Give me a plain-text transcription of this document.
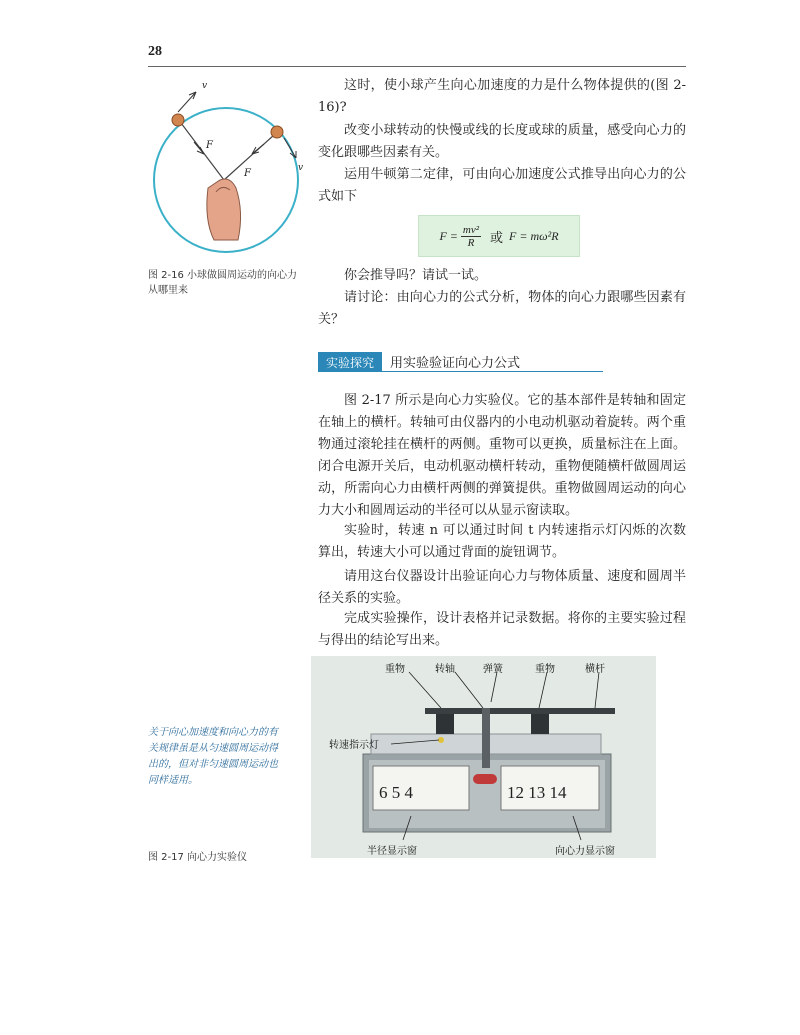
28
v
v
F
F
图 2-16 小球做圆周运动的向心力从哪里来

这时，使小球产生向心加速度的力是什么物体提供的(图 2-16)?

改变小球转动的快慢或线的长度或球的质量，感受向心力的变化跟哪些因素有关。

运用牛顿第二定律，可由向心加速度公式推导出向心力的公式如下

$F = \frac{\text{mv²}}{R}$ 或 F = mω²R

你会推导吗？请试一试。

请讨论：由向心力的公式分析，物体的向心力跟哪些因素有关？

实验探究	用实验验证向心力公式

图 2-17 所示是向心力实验仪。它的基本部件是转轴和固定在轴上的横杆。转轴可由仪器内的小电动机驱动着旋转。两个重物通过滚轮挂在横杆的两侧。重物可以更换，质量标注在上面。闭合电源开关后，电动机驱动横杆转动，重物便随横杆做圆周运动，所需向心力由横杆两侧的弹簧提供。重物做圆周运动的向心力大小和圆周运动的半径可以从显示窗读取。

实验时，转速 n 可以通过时间 t 内转速指示灯闪烁的次数算出，转速大小可以通过背面的旋钮调节。

请用这台仪器设计出验证向心力与物体质量、速度和圆周半径关系的实验。

完成实验操作，设计表格并记录数据。将你的主要实验过程与得出的结论写出来。

6 5 4	12 13 14
重物	转轴	弹簧	重物	横杆
转速指示灯
半径显示窗	向心力显示窗
关于向心加速度和向心力的有关规律虽是从匀速圆周运动得出的，但对非匀速圆周运动也同样适用。
图 2-17 向心力实验仪
